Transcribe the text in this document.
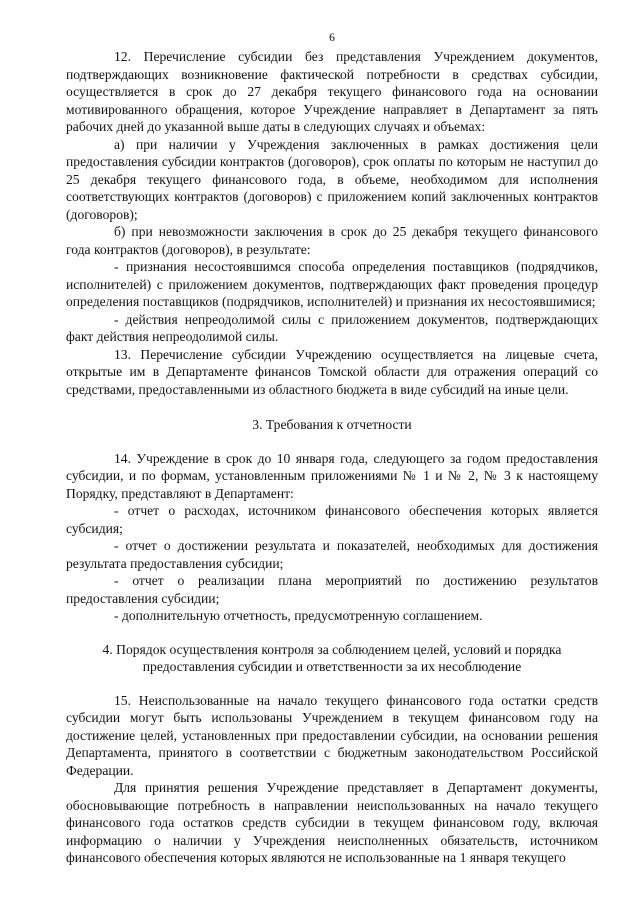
6

12. Перечисление субсидии без представления Учреждением документов, подтверждающих возникновение фактической потребности в средствах субсидии, осуществляется в срок до 27 декабря текущего финансового года на основании мотивированного обращения, которое Учреждение направляет в Департамент за пять рабочих дней до указанной выше даты в следующих случаях и объемах:

а) при наличии у Учреждения заключенных в рамках достижения цели предоставления субсидии контрактов (договоров), срок оплаты по которым не наступил до 25 декабря текущего финансового года, в объеме, необходимом для исполнения соответствующих контрактов (договоров) с приложением копий заключенных контрактов (договоров);

б) при невозможности заключения в срок до 25 декабря текущего финансового года контрактов (договоров), в результате:

- признания несостоявшимся способа определения поставщиков (подрядчиков, исполнителей) с приложением документов, подтверждающих факт проведения процедур определения поставщиков (подрядчиков, исполнителей) и признания их несостоявшимися;

- действия непреодолимой силы с приложением документов, подтверждающих факт действия непреодолимой силы.

13. Перечисление субсидии Учреждению осуществляется на лицевые счета, открытые им в Департаменте финансов Томской области для отражения операций со средствами, предоставленными из областного бюджета в виде субсидий на иные цели.

3. Требования к отчетности

14. Учреждение в срок до 10 января года, следующего за годом предоставления субсидии, и по формам, установленным приложениями № 1 и № 2, № 3 к настоящему Порядку, представляют в Департамент:

- отчет о расходах, источником финансового обеспечения которых является субсидия;

- отчет о достижении результата и показателей, необходимых для достижения результата предоставления субсидии;

- отчет о реализации плана мероприятий по достижению результатов предоставления субсидии;

- дополнительную отчетность, предусмотренную соглашением.

4. Порядок осуществления контроля за соблюдением целей, условий и порядка
предоставления субсидии и ответственности за их несоблюдение

15. Неиспользованные на начало текущего финансового года остатки средств субсидии могут быть использованы Учреждением в текущем финансовом году на достижение целей, установленных при предоставлении субсидии, на основании решения Департамента, принятого в соответствии с бюджетным законодательством Российской Федерации.

Для принятия решения Учреждение представляет в Департамент документы, обосновывающие потребность в направлении неиспользованных на начало текущего финансового года остатков средств субсидии в текущем финансовом году, включая информацию о наличии у Учреждения неисполненных обязательств, источником финансового обеспечения которых являются не использованные на 1 января текущего
